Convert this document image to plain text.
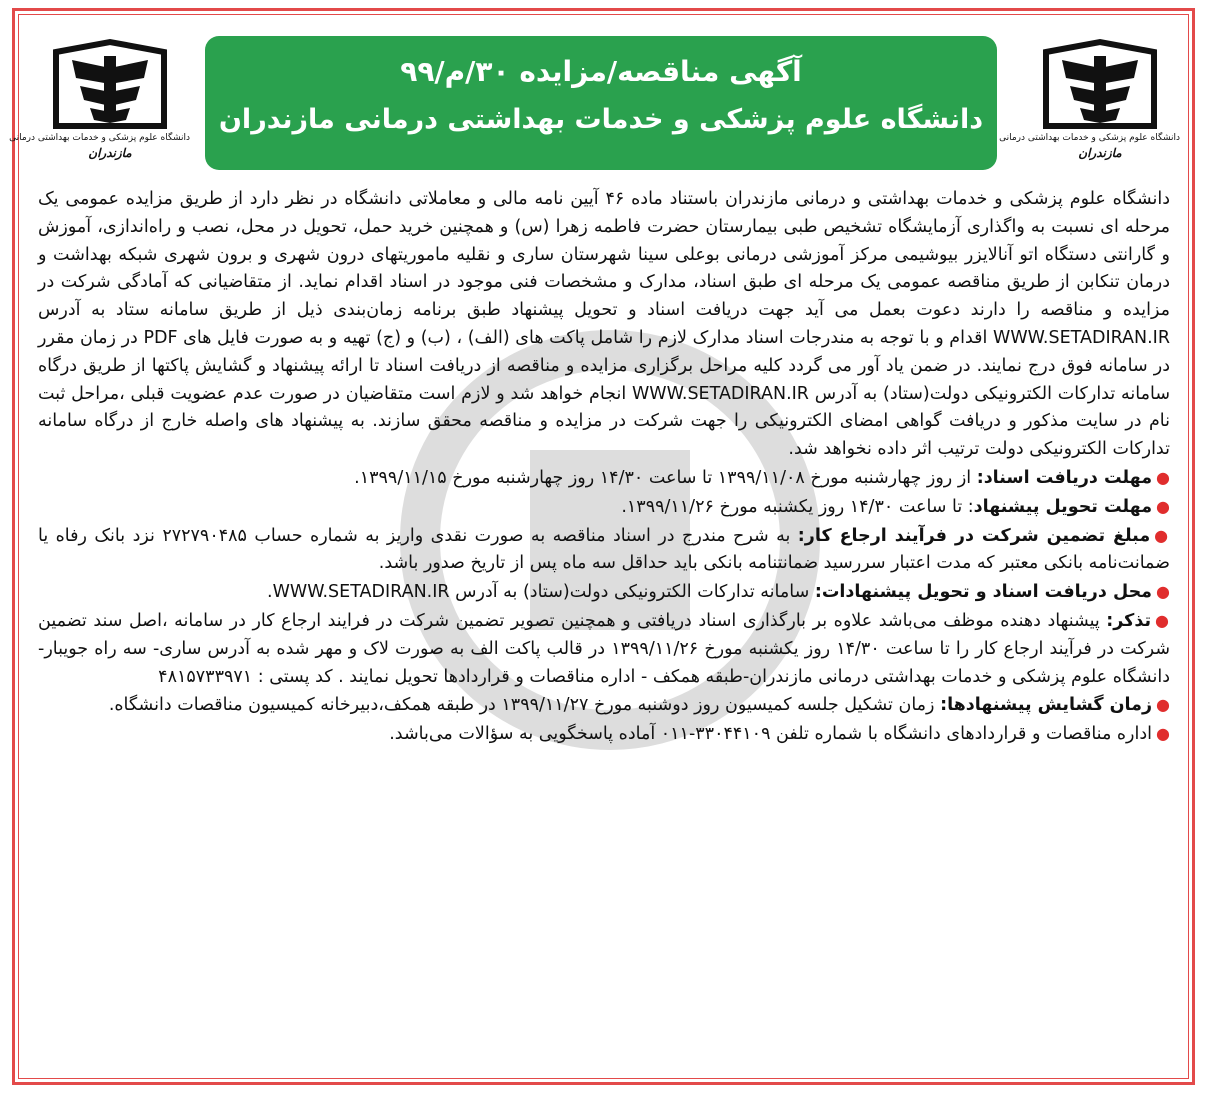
دانشگاه علوم پزشکی و خدمات بهداشتی درمانی
مازندران
دانشگاه علوم پزشکی و خدمات بهداشتی درمانی
مازندران
آگهی مناقصه/مزایده ۳۰/م/۹۹
دانشگاه علوم پزشکی و خدمات بهداشتی درمانی مازندران

دانشگاه علوم پزشکی و خدمات بهداشتی و درمانی مازندران باستناد ماده ۴۶ آیین نامه مالی و معاملاتی دانشگاه در نظر دارد از طریق مزایده عمومی یک مرحله ای نسبت به واگذاری آزمایشگاه تشخیص طبی بیمارستان حضرت فاطمه زهرا (س) و همچنین خرید حمل، تحویل در محل، نصب و راه‌اندازی، آموزش و گارانتی دستگاه اتو آنالایزر بیوشیمی مرکز آموزشی درمانی بوعلی سینا شهرستان ساری و نقلیه ماموریتهای درون شهری و برون شهری شبکه بهداشت و درمان تنکابن از طریق مناقصه عمومی یک مرحله ای طبق اسناد، مدارک و مشخصات فنی موجود در اسناد اقدام نماید. از متقاضیانی که آمادگی شرکت در مزایده و مناقصه را دارند دعوت بعمل می آید جهت دریافت اسناد و تحویل پیشنهاد طبق برنامه زمان‌بندی ذیل از طریق سامانه ستاد به آدرس WWW.SETADIRAN.IR اقدام و با توجه به مندرجات اسناد مدارک لازم را شامل پاکت های (الف) ، (ب) و (ج) تهیه و به صورت فایل های PDF در زمان مقرر در سامانه فوق درج نمایند. در ضمن یاد آور می گردد کلیه مراحل برگزاری مزایده و مناقصه از دریافت اسناد تا ارائه پیشنهاد و گشایش پاکتها از طریق درگاه سامانه تدارکات الکترونیکی دولت(ستاد) به آدرس WWW.SETADIRAN.IR انجام خواهد شد و لازم است متقاضیان در صورت عدم عضویت قبلی ،مراحل ثبت نام در سایت مذکور و دریافت گواهی امضای الکترونیکی را جهت شرکت در مزایده و مناقصه محقق سازند. به پیشنهاد های واصله خارج از درگاه سامانه تدارکات الکترونیکی دولت ترتیب اثر داده نخواهد شد.

●مهلت دریافت اسناد: از روز چهارشنبه مورخ ۱۳۹۹/۱۱/۰۸ تا ساعت ۱۴/۳۰ روز چهارشنبه مورخ ۱۳۹۹/۱۱/۱۵.

●مهلت تحویل پیشنهاد: تا ساعت ۱۴/۳۰ روز یکشنبه مورخ ۱۳۹۹/۱۱/۲۶.

●مبلغ تضمین شرکت در فرآیند ارجاع کار: به شرح مندرج در اسناد مناقصه به صورت نقدی واریز به شماره حساب ۲۷۲۷۹۰۴۸۵ نزد بانک رفاه یا ضمانت‌نامه بانکی معتبر که مدت اعتبار سررسید ضمانتنامه بانکی باید حداقل سه ماه پس از تاریخ صدور باشد.

●محل دریافت اسناد و تحویل پیشنهادات: سامانه تدارکات الکترونیکی دولت(ستاد) به آدرس WWW.SETADIRAN.IR.

●تذکر: پیشنهاد دهنده موظف می‌باشد علاوه بر بارگذاری اسناد دریافتی و همچنین تصویر تضمین شرکت در فرایند ارجاع کار در سامانه ،اصل سند تضمین شرکت در فرآیند ارجاع کار را تا ساعت ۱۴/۳۰ روز یکشنبه مورخ ۱۳۹۹/۱۱/۲۶ در قالب پاکت الف به صورت لاک و مهر شده به آدرس ساری- سه راه جویبار- دانشگاه علوم پزشکی و خدمات بهداشتی درمانی مازندران-طبقه همکف - اداره مناقصات و قراردادها تحویل نمایند . کد پستی : ۴۸۱۵۷۳۳۹۷۱

●زمان گشایش پیشنهادها: زمان تشکیل جلسه کمیسیون روز دوشنبه مورخ ۱۳۹۹/۱۱/۲۷ در طبقه همکف،دبیرخانه کمیسیون مناقصات دانشگاه.

●اداره مناقصات و قراردادهای دانشگاه با شماره تلفن ۳۳۰۴۴۱۰۹-۰۱۱ آماده پاسخگویی به سؤالات می‌باشد.
